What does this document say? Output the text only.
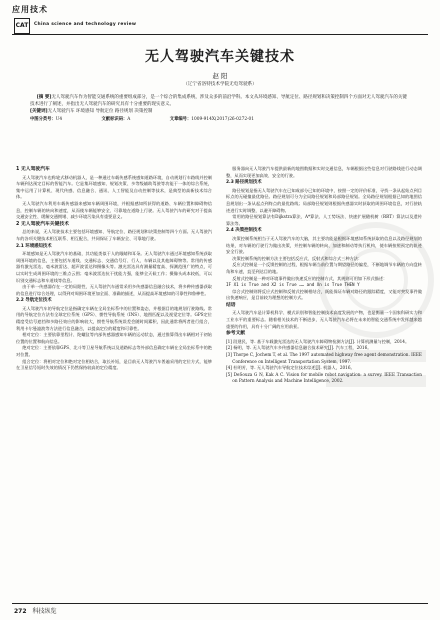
应用技术
CAT	China science and technology review
无人驾驶汽车关键技术
赵 阳
（辽宁省洛特技术学院无电驾驶系）

[摘 要]无人驾驶汽车作为智能交通系统的重要组成部分，是一个综合的集成系统，涉及众多的前沿学科。本文从环境感知、导航定位、路径规划和决策控制四个方面对无人驾驶汽车的关键技术进行了阐述，并指出无人驾驶汽车的研究具有十分重要的现实意义。

[关键词]无人驾驶汽车 环境感知 导航定位 路径规划 决策控制

中图分类号：U4	文献标识码：A	文章编号：1009-914X(2017)26-0272-01
1 无人驾驶汽车

无人驾驶汽车也称轮式移动机器人，是一种通过车载传感系统感知道路环境，自动规划行车路线并控制车辆到达预定目标的智能汽车。它是集环境感知、规划决策、多等级辅助驾驶等功能于一体的综合系统，集中运用了计算机、现代传感、信息融合、通讯、人工智能及自动控制等技术，是典型的高新技术综合体。

无人驾驶汽车利用车载传感器来感知车辆周围环境，并根据感知所获得的道路、车辆位置和障碍物信息，控制车辆的转向和速度，从而使车辆能够安全、可靠地在道路上行驶。无人驾驶汽车的研究对于提高交通安全性、缓解交通拥堵、减少环境污染具有重要意义。

2 无人驾驶汽车关键技术

总的来说，无人驾驶技术主要包括环境感知、导航定位、路径规划和决策控制等四个方面。无人驾驶汽车的各项关键技术相互联系、相互配合，共同保证了车辆安全、可靠地行驶。

2.1 环境感知技术

环境感知是无人驾驶汽车的基础，其功能类似于人的眼睛和耳朵。无人驾驶汽车通过环境感知系统获取周围环境的信息，主要包括车道线、交通标志、交通信号灯、行人、车辆以及其他障碍物等。常用的传感器有激光雷达、毫米波雷达、超声波雷达和摄像头等。激光雷达具有测量精度高、探测范围广的特点，可以实时生成周围环境的三维点云图；毫米波雷达抗干扰能力强，能够全天候工作；摄像头成本较低，可以识别交通标志和车道线等信息。

由于单一传感器存在一定的局限性，无人驾驶汽车通常采用多传感器信息融合技术，将多种传感器获取的信息进行综合处理，以得到对周围环境更加全面、准确的描述，从而提高环境感知的可靠性和鲁棒性。

2.2 导航定位技术

无人驾驶汽车的导航定位是指确定车辆在全局坐标系中的位置和姿态，并根据目的地规划行驶路线。常用的导航定位方法有全球定位系统（GPS）、惯性导航系统（INS）、地图匹配以及视觉定位等。GPS定位精度受信号遮挡和多路径效应的影响较大，惯性导航系统误差会随时间累积，因此通常将两者进行组合，利用卡尔曼滤波等方法进行信息融合，以提高定位的精度和可靠性。

相对定位：主要依靠里程计、陀螺仪等内部传感器感知车辆的运动状态，通过推算得出车辆相对于初始位置的位置和航向信息。

绝对定位：主要依靠GPS、北斗等卫星导航系统以及道路标志等外部信息确定车辆在全局坐标系中的绝对位置。

组合定位：将相对定位和绝对定位相结合，取长补短，是目前无人驾驶汽车普遍采用的定位方式，能够在卫星信号短时失效的情况下仍然保持较高的定位精度。

服务器向无人驾驶汽车提供最新的地图数据和实时交通信息，车辆根据这些信息对行驶路线进行动态调整，从而实现更加高效、安全的行驶。

2.3 路径规划技术

路径规划是指无人驾驶汽车在已知或部分已知的环境中，按照一定的评价标准，寻找一条从起始点到目标点的无碰撞最优路径。路径规划可分为全局路径规划和局部路径规划。全局路径规划根据已知的地图信息规划出一条从起点到终点的最优路线；局部路径规划则根据传感器实时获取的周围环境信息，对行驶轨迹进行实时调整，以避开障碍物。

常用的路径规划算法有Dijkstra算法、A*算法、人工势场法、快速扩展随机树（RRT）算法以及遗传算法等。

2.4 决策控制技术

决策控制系统相当于无人驾驶汽车的大脑，其主要功能是根据环境感知系统获取的信息以及路径规划的结果，对车辆的行驶行为做出决策，并控制车辆的转向、加速和制动等执行机构，使车辆按照预定的轨迹安全行驶。

决策控制系统的控制方法主要包括反应式、反射式和综合式三种方法：

反应式控制是一个反馈控制的过程，根据车辆当前位置与期望路径的偏差，不断地调节车辆的方向盘转角和车速，直至到达目的地。

反射式控制是一种对环境事件做出快速反应的控制方式，其规则可用如下形式描述：

IF X1 is True and X2 is True …… and Xn is True THEN Y

综合式控制则将反应式控制和反射式控制相结合，既能保证车辆对路径的跟踪精度，又能对突发事件做出快速响应，是目前较为理想的控制方式。

结语

无人驾驶汽车是计算机科学、模式识别和智能控制技术高度发展的产物，也是衡量一个国家科研实力和工业水平的重要标志。随着相关技术的不断进步，无人驾驶汽车必将在未来的智能交通系统中发挥越来越重要的作用，具有十分广阔的应用前景。

参考文献

[1] 段建民，等. 基于车载激光雷达的无人驾驶汽车障碍物检测方法[J]. 计算机测量与控制，2014。

[2] 杨明，等. 无人驾驶汽车多传感器信息融合技术研究[J]. 汽车工程，2016。

[3] Thorpe C, Jochem T, et al. The 1997 automated highway free agent demonstration. IEEE Conference on Intelligent Transportation System, 1997.

[4] 杜明芳，等. 无人驾驶汽车导航定位技术综述[J]. 机器人，2016。

[5] DeSouza G N, Kak A C. Vision for mobile robot navigation: a survey. IEEE Transaction on Pattern Analysis and Machine Intelligence, 2002.

272 科技纵览
